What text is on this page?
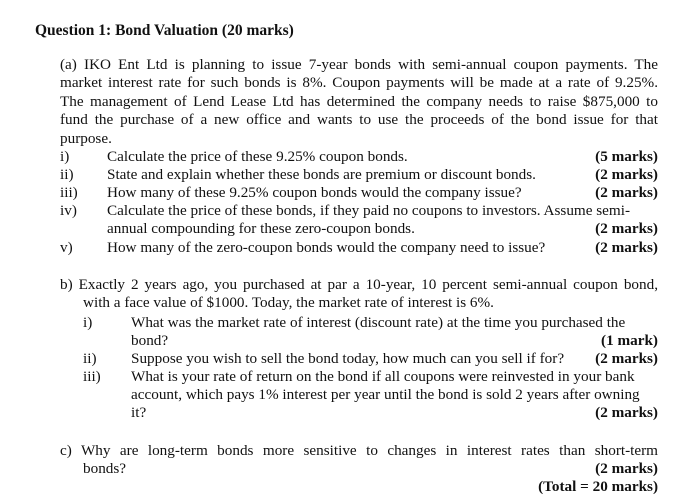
Question 1: Bond Valuation (20 marks)
(a) IKO Ent Ltd is planning to issue 7-year bonds with semi-annual coupon payments. The
market interest rate for such bonds is 8%. Coupon payments will be made at a rate of 9.25%.
The management of Lend Lease Ltd has determined the company needs to raise $875,000 to
fund the purchase of a new office and wants to use the proceeds of the bond issue for that
purpose.
i) Calculate the price of these 9.25% coupon bonds.	(5 marks)
ii) State and explain whether these bonds are premium or discount bonds.	(2 marks)
iii) How many of these 9.25% coupon bonds would the company issue?	(2 marks)
iv) Calculate the price of these bonds, if they paid no coupons to investors. Assume semi-
annual compounding for these zero-coupon bonds.	(2 marks)
v) How many of the zero-coupon bonds would the company need to issue?	(2 marks)
b) Exactly 2 years ago, you purchased at par a 10-year, 10 percent semi-annual coupon bond,
with a face value of $1000. Today, the market rate of interest is 6%.
i)	What was the market rate of interest (discount rate) at the time you purchased the
bond?	(1 mark)
ii) Suppose you wish to sell the bond today, how much can you sell if for? (2 marks)
iii) What is your rate of return on the bond if all coupons were reinvested in your bank
account, which pays 1% interest per year until the bond is sold 2 years after owning
it?	(2 marks)
c) Why are long-term bonds more sensitive to changes in interest rates than short-term
bonds?	(2 marks)
(Total = 20 marks)
